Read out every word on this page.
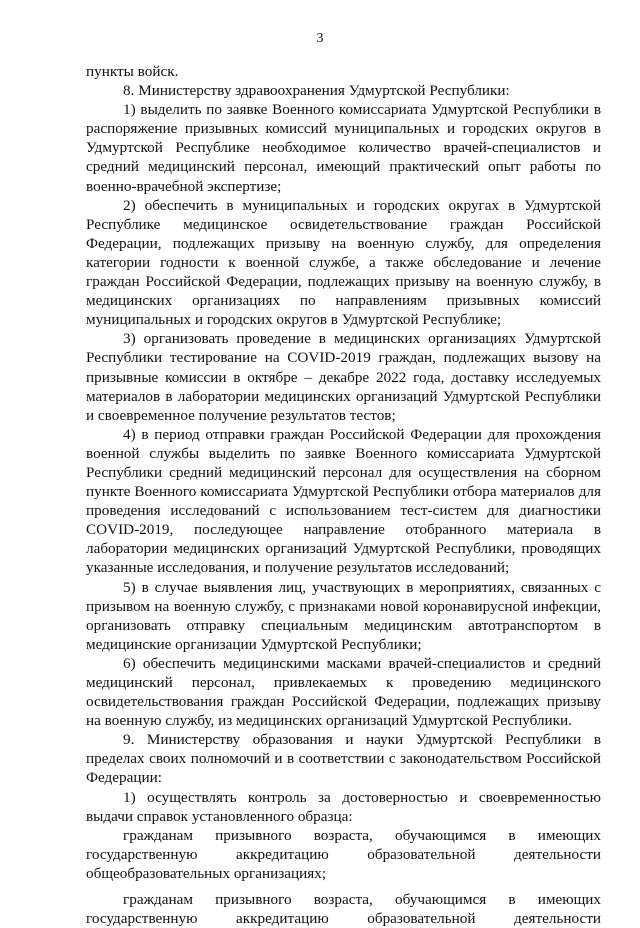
3

пункты войск.

8. Министерству здравоохранения Удмуртской Республики:

1) выделить по заявке Военного комиссариата Удмуртской Республики в распоряжение призывных комиссий муниципальных и городских округов в Удмуртской Республике необходимое количество врачей-специалистов и средний медицинский персонал, имеющий практический опыт работы по военно-врачебной экспертизе;

2) обеспечить в муниципальных и городских округах в Удмуртской Республике медицинское освидетельствование граждан Российской Федерации, подлежащих призыву на военную службу, для определения категории годности к военной службе, а также обследование и лечение граждан Российской Федерации, подлежащих призыву на военную службу, в медицинских организациях по направлениям призывных комиссий муниципальных и городских округов в Удмуртской Республике;

3) организовать проведение в медицинских организациях Удмуртской Республики тестирование на COVID-2019 граждан, подлежащих вызову на призывные комиссии в октябре – декабре 2022 года, доставку исследуемых материалов в лаборатории медицинских организаций Удмуртской Республики и своевременное получение результатов тестов;

4) в период отправки граждан Российской Федерации для прохождения военной службы выделить по заявке Военного комиссариата Удмуртской Республики средний медицинский персонал для осуществления на сборном пункте Военного комиссариата Удмуртской Республики отбора материалов для проведения исследований с использованием тест-систем для диагностики COVID-2019, последующее направление отобранного материала в лаборатории медицинских организаций Удмуртской Республики, проводящих указанные исследования, и получение результатов исследований;

5) в случае выявления лиц, участвующих в мероприятиях, связанных с призывом на военную службу, с признаками новой коронавирусной инфекции, организовать отправку специальным медицинским автотранспортом в медицинские организации Удмуртской Республики;

6) обеспечить медицинскими масками врачей-специалистов и средний медицинский персонал, привлекаемых к проведению медицинского освидетельствования граждан Российской Федерации, подлежащих призыву на военную службу, из медицинских организаций Удмуртской Республики.

9. Министерству образования и науки Удмуртской Республики в пределах своих полномочий и в соответствии с законодательством Российской Федерации:

1) осуществлять контроль за достоверностью и своевременностью выдачи справок установленного образца:

гражданам призывного возраста, обучающимся в имеющих государственную аккредитацию образовательной деятельности общеобразовательных организациях;

гражданам призывного возраста, обучающимся в имеющих государственную аккредитацию образовательной деятельности
